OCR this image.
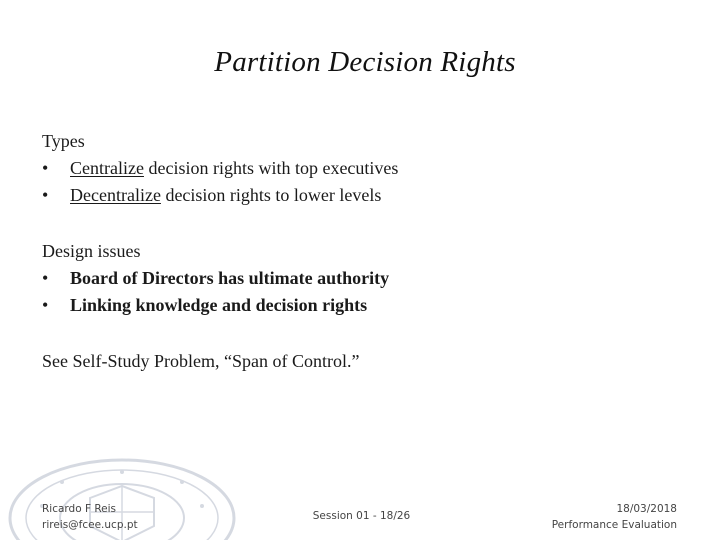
Partition Decision Rights
Types
• Centralize decision rights with top executives
• Decentralize decision rights to lower levels
Design issues
• Board of Directors has ultimate authority
• Linking knowledge and decision rights
See Self-Study Problem, “Span of Control.”
Ricardo F Reis
rireis@fcee.ucp.pt
Session 01 - 18/26
18/03/2018
Performance Evaluation
